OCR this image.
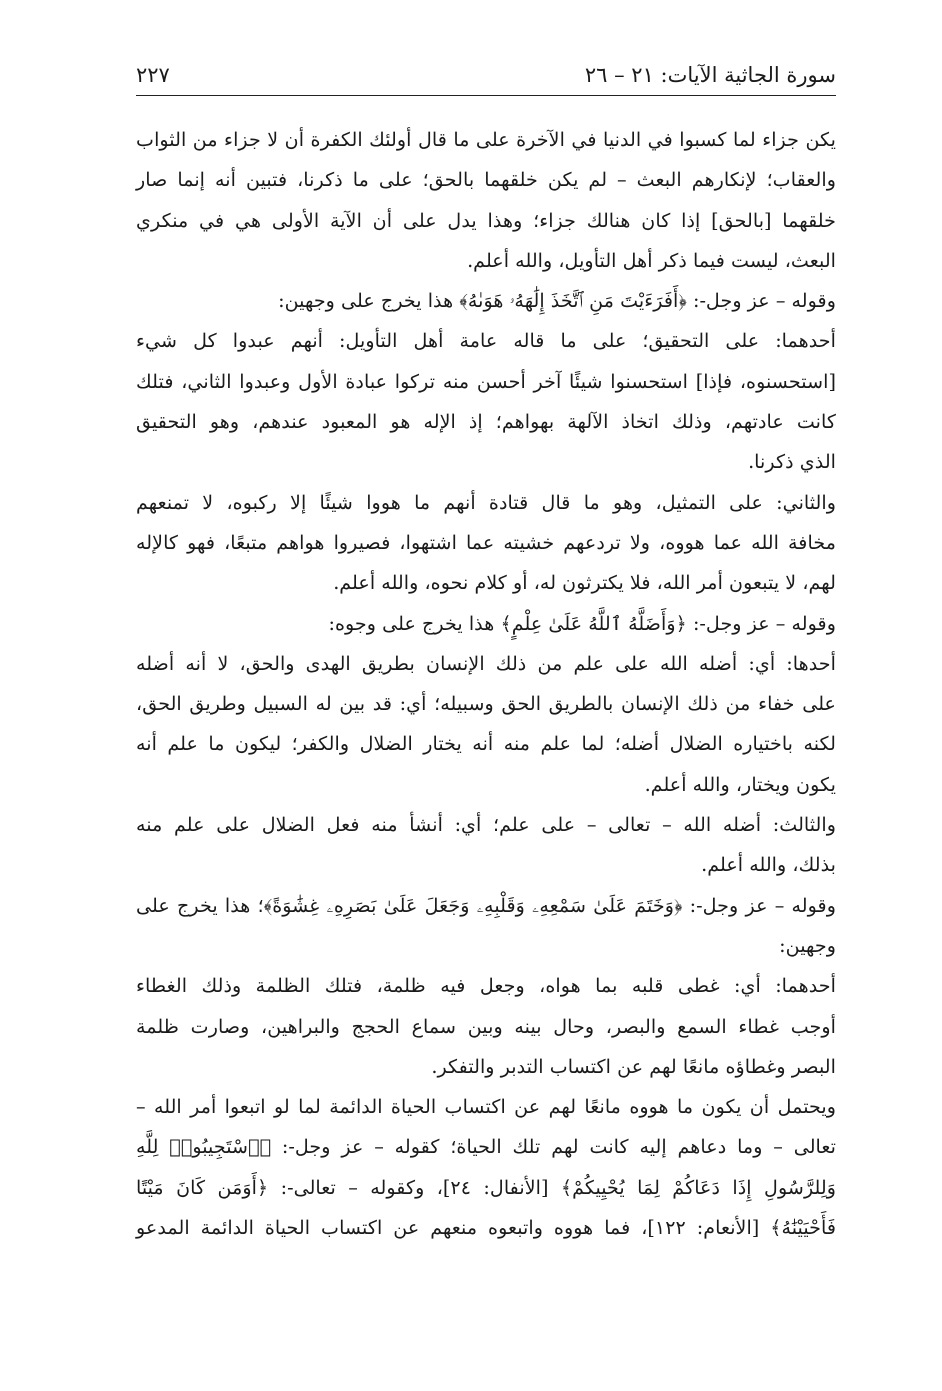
سورة الجاثية الآيات: ٢١ – ٢٦
٢٢٧
يكن جزاء لما كسبوا في الدنيا في الآخرة على ما قال أولئك الكفرة أن لا جزاء من الثواب
والعقاب؛ لإنكارهم البعث – لم يكن خلقهما بالحق؛ على ما ذكرنا، فتبين أنه إنما صار
خلقهما [بالحق] إذا كان هنالك جزاء؛ وهذا يدل على أن الآية الأولى هي في منكري
البعث، ليست فيما ذكر أهل التأويل، والله أعلم.
وقوله – عز وجل-: ﴿أَفَرَءَيْتَ مَنِ ٱتَّخَذَ إِلَٰهَهُۥ هَوَىٰهُ﴾ هذا يخرج على وجهين:
أحدهما: على التحقيق؛ على ما قاله عامة أهل التأويل: أنهم عبدوا كل شيء
[استحسنوه، فإذا] استحسنوا شيئًا آخر أحسن منه تركوا عبادة الأول وعبدوا الثاني، فتلك
كانت عادتهم، وذلك اتخاذ الآلهة بهواهم؛ إذ الإله هو المعبود عندهم، وهو التحقيق
الذي ذكرنا.
والثاني: على التمثيل، وهو ما قال قتادة أنهم ما هووا شيئًا إلا ركبوه، لا تمنعهم
مخافة الله عما هووه، ولا تردعهم خشيته عما اشتهوا، فصيروا هواهم متبعًا، فهو كالإله
لهم، لا يتبعون أمر الله، فلا يكترثون له، أو كلام نحوه، والله أعلم.
وقوله – عز وجل-: ﴿وَأَضَلَّهُ ٱللَّهُ عَلَىٰ عِلْمٍ﴾ هذا يخرج على وجوه:
أحدها: أي: أضله الله على علم من ذلك الإنسان بطريق الهدى والحق، لا أنه أضله
على خفاء من ذلك الإنسان بالطريق الحق وسبيله؛ أي: قد بين له السبيل وطريق الحق،
لكنه باختياره الضلال أضله؛ لما علم منه أنه يختار الضلال والكفر؛ ليكون ما علم أنه
يكون ويختار، والله أعلم.
والثالث: أضله الله – تعالى – على علم؛ أي: أنشأ منه فعل الضلال على علم منه
بذلك، والله أعلم.
وقوله – عز وجل-: ﴿وَخَتَمَ عَلَىٰ سَمْعِهِۦ وَقَلْبِهِۦ وَجَعَلَ عَلَىٰ بَصَرِهِۦ غِشَٰوَةً﴾؛ هذا يخرج على
وجهين:
أحدهما: أي: غطى قلبه بما هواه، وجعل فيه ظلمة، فتلك الظلمة وذلك الغطاء
أوجب غطاء السمع والبصر، وحال بينه وبين سماع الحجج والبراهين، وصارت ظلمة
البصر وغطاؤه مانعًا لهم عن اكتساب التدبر والتفكر.
ويحتمل أن يكون ما هووه مانعًا لهم عن اكتساب الحياة الدائمة لما لو اتبعوا أمر الله –
تعالى – وما دعاهم إليه كانت لهم تلك الحياة؛ كقوله – عز وجل-: ﴿ٱسْتَجِيبُوا۟ لِلَّهِ
وَلِلرَّسُولِ إِذَا دَعَاكُمْ لِمَا يُحْيِيكُمْ﴾ [الأنفال: ٢٤]، وكقوله – تعالى-: ﴿أَوَمَن كَانَ مَيْتًا
فَأَحْيَيْنَٰهُ﴾ [الأنعام: ١٢٢]، فما هووه واتبعوه منعهم عن اكتساب الحياة الدائمة المدعو
